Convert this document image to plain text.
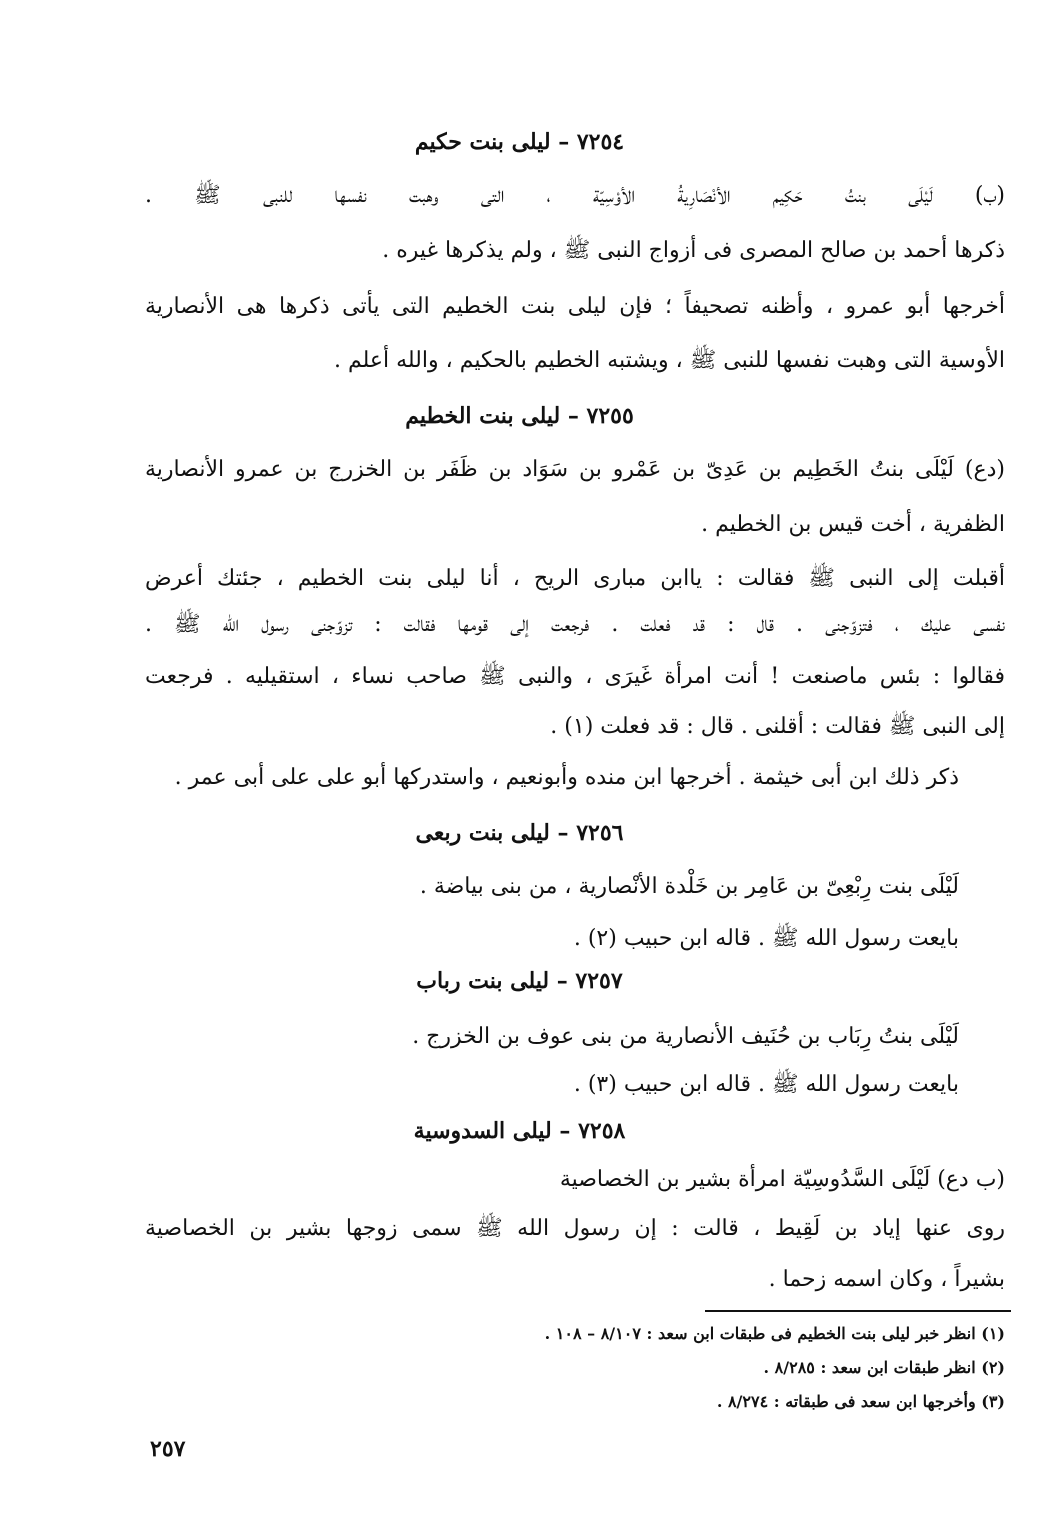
٧٢٥٤ – ليلى بنت حكيم
(ب) لَيْلَى بنتُ حَكِيم الأنْصَارِيةُ الأوْسِيّة ، التى وهبت نفسها للنبى ﷺ .
ذكرها أحمد بن صالح المصرى فى أزواج النبى ﷺ ، ولم يذكرها غيره .
أخرجها أبو عمرو ، وأظنه تصحيفاً ؛ فإن ليلى بنت الخطيم التى يأتى ذكرها هى الأنصارية
الأوسية التى وهبت نفسها للنبى ﷺ ، ويشتبه الخطيم بالحكيم ، والله أعلم .
٧٢٥٥ – ليلى بنت الخطيم
(دع) لَيْلَى بنتُ الخَطِيم بن عَدِىّ بن عَمْرو بن سَوَاد بن ظَفَر بن الخزرج بن عمرو الأنصارية
الظفرية ، أخت قيس بن الخطيم .
أقبلت إلى النبى ﷺ فقالت : ياابن مبارى الريح ، أنا ليلى بنت الخطيم ، جئتك أعرض
نفسى عليك ، فتزوّجنى . قال : قد فعلت . فرجعت إلى قومها فقالت : تزوّجنى رسول الله ﷺ .
فقالوا : بئس ماصنعت ! أنت امرأة غَيرَى ، والنبى ﷺ صاحب نساء ، استقيليه . فرجعت
إلى النبى ﷺ فقالت : أقلنى . قال : قد فعلت (١) .
ذكر ذلك ابن أبى خيثمة . أخرجها ابن منده وأبونعيم ، واستدركها أبو على على أبى عمر .
٧٢٥٦ – ليلى بنت ربعى
لَيْلَى بنت رِبْعِىّ بن عَامِر بن خَلْدة الأنْصارية ، من بنى بياضة .
بايعت رسول الله ﷺ . قاله ابن حبيب (٢) .
٧٢٥٧ – ليلى بنت رباب
لَيْلَى بنتُ رِبَاب بن حُنَيف الأنصارية من بنى عوف بن الخزرج .
بايعت رسول الله ﷺ . قاله ابن حبيب (٣) .
٧٢٥٨ – ليلى السدوسية
(ب دع) لَيْلَى السَّدُوسِيّة امرأة بشير بن الخصاصية
روى عنها إياد بن لَقِيط ، قالت : إن رسول الله ﷺ سمى زوجها بشير بن الخصاصية
بشيراً ، وكان اسمه زحما .
(١) انظر خبر ليلى بنت الخطيم فى طبقات ابن سعد : ٨/١٠٧ – ١٠٨ .
(٢) انظر طبقات ابن سعد : ٨/٢٨٥ .
(٣) وأخرجها ابن سعد فى طبقاته : ٨/٢٧٤ .
٢٥٧
